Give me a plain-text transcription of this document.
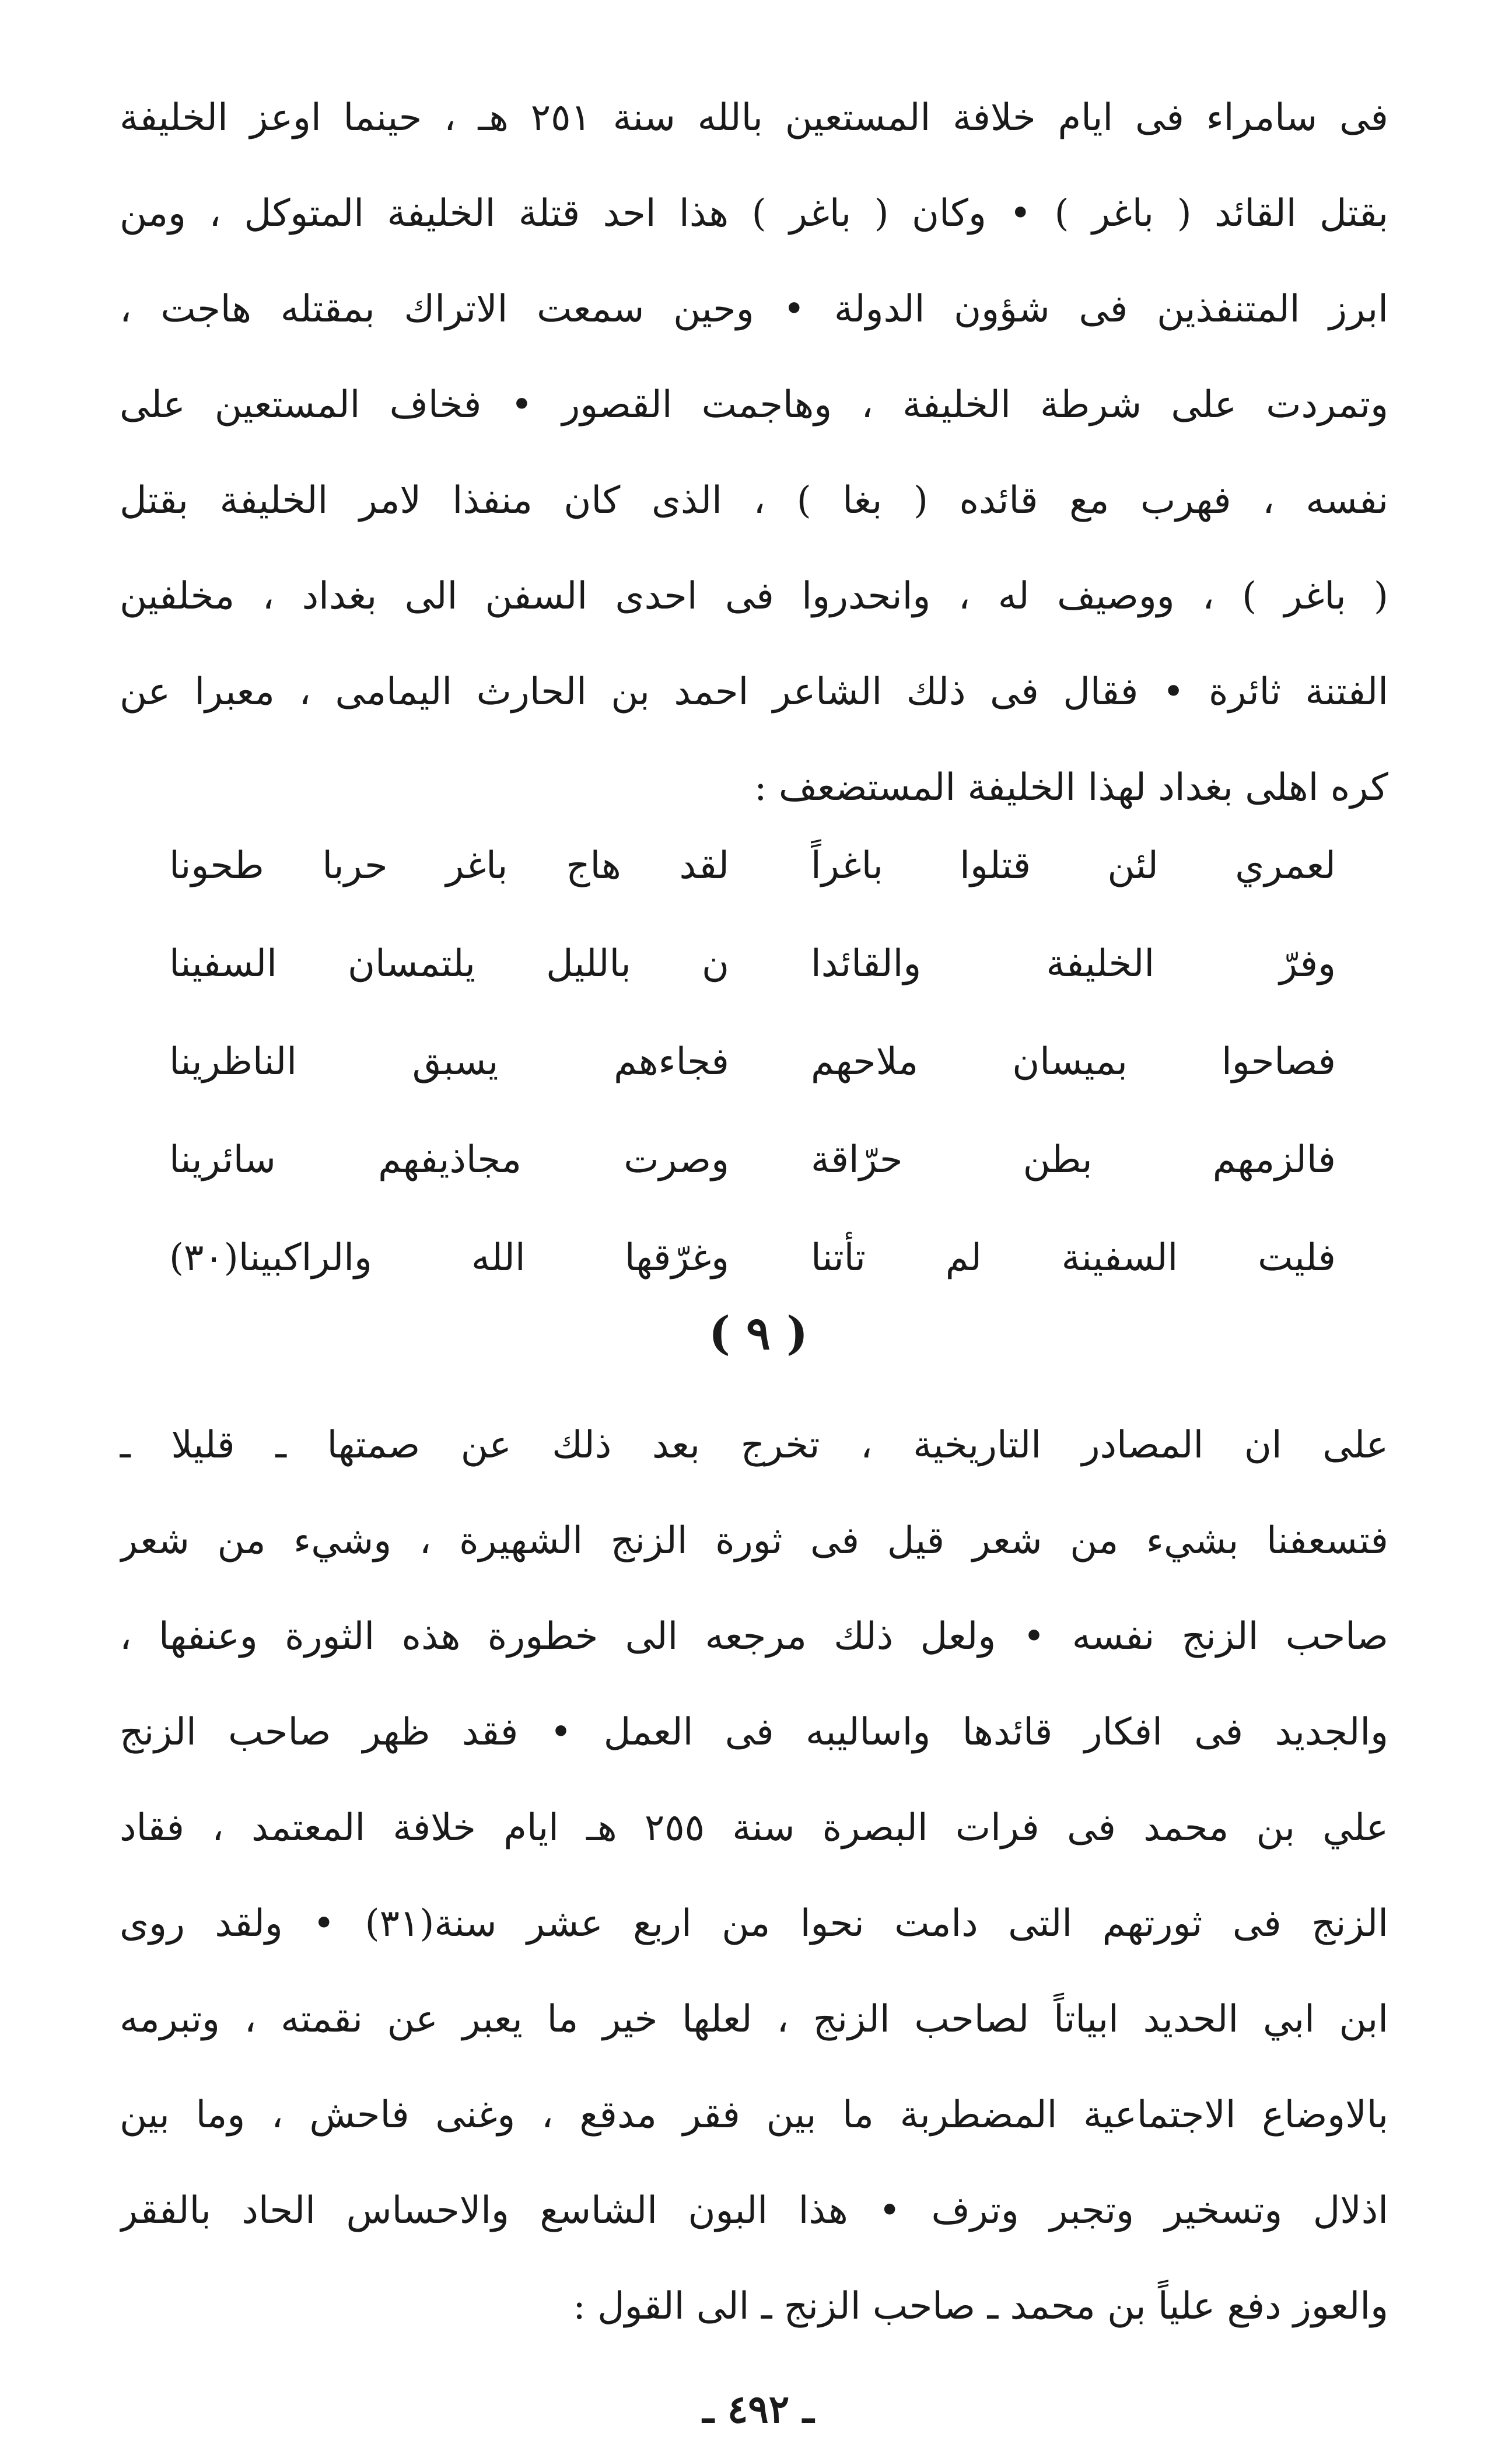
فى سامراء فى ايام خلافة المستعين بالله سنة ٢٥١ هـ ، حينما اوعز الخليفة
بقتل القائد ( باغر ) • وكان ( باغر ) هذا احد قتلة الخليفة المتوكل ، ومن
ابرز المتنفذين فى شؤون الدولة • وحين سمعت الاتراك بمقتله هاجت ،
وتمردت على شرطة الخليفة ، وهاجمت القصور • فخاف المستعين على
نفسه ، فهرب مع قائده ( بغا ) ، الذى كان منفذا لامر الخليفة بقتل
( باغر ) ، ووصيف له ، وانحدروا فى احدى السفن الى بغداد ، مخلفين
الفتنة ثائرة • فقال فى ذلك الشاعر احمد بن الحارث اليمامى ، معبرا عن
كره اهلى بغداد لهذا الخليفة المستضعف :
لعمري لئن قتلوا باغراً
لقد هاج باغر حربا طحونا
وفرّ الخليفة والقائدا
ن بالليل يلتمسان السفينا
فصاحوا بميسان ملاحهم
فجاءهم يسبق الناظرينا
فالزمهم بطن حرّاقة
وصرت مجاذيفهم سائرينا
فليت السفينة لم تأتنا
وغرّقها الله والراكبينا(٣٠)
( ٩ )
على ان المصادر التاريخية ، تخرج بعد ذلك عن صمتها ـ قليلا ـ
فتسعفنا بشيء من شعر قيل فى ثورة الزنج الشهيرة ، وشيء من شعر
صاحب الزنج نفسه • ولعل ذلك مرجعه الى خطورة هذه الثورة وعنفها ،
والجديد فى افكار قائدها واساليبه فى العمل • فقد ظهر صاحب الزنج
علي بن محمد فى فرات البصرة سنة ٢٥٥ هـ ايام خلافة المعتمد ، فقاد
الزنج فى ثورتهم التى دامت نحوا من اربع عشر سنة(٣١) • ولقد روى
ابن ابي الحديد ابياتاً لصاحب الزنج ، لعلها خير ما يعبر عن نقمته ، وتبرمه
بالاوضاع الاجتماعية المضطربة ما بين فقر مدقع ، وغنى فاحش ، وما بين
اذلال وتسخير وتجبر وترف • هذا البون الشاسع والاحساس الحاد بالفقر
والعوز دفع علياً بن محمد ـ صاحب الزنج ـ الى القول :
ـ ٤٩٢ ـ
